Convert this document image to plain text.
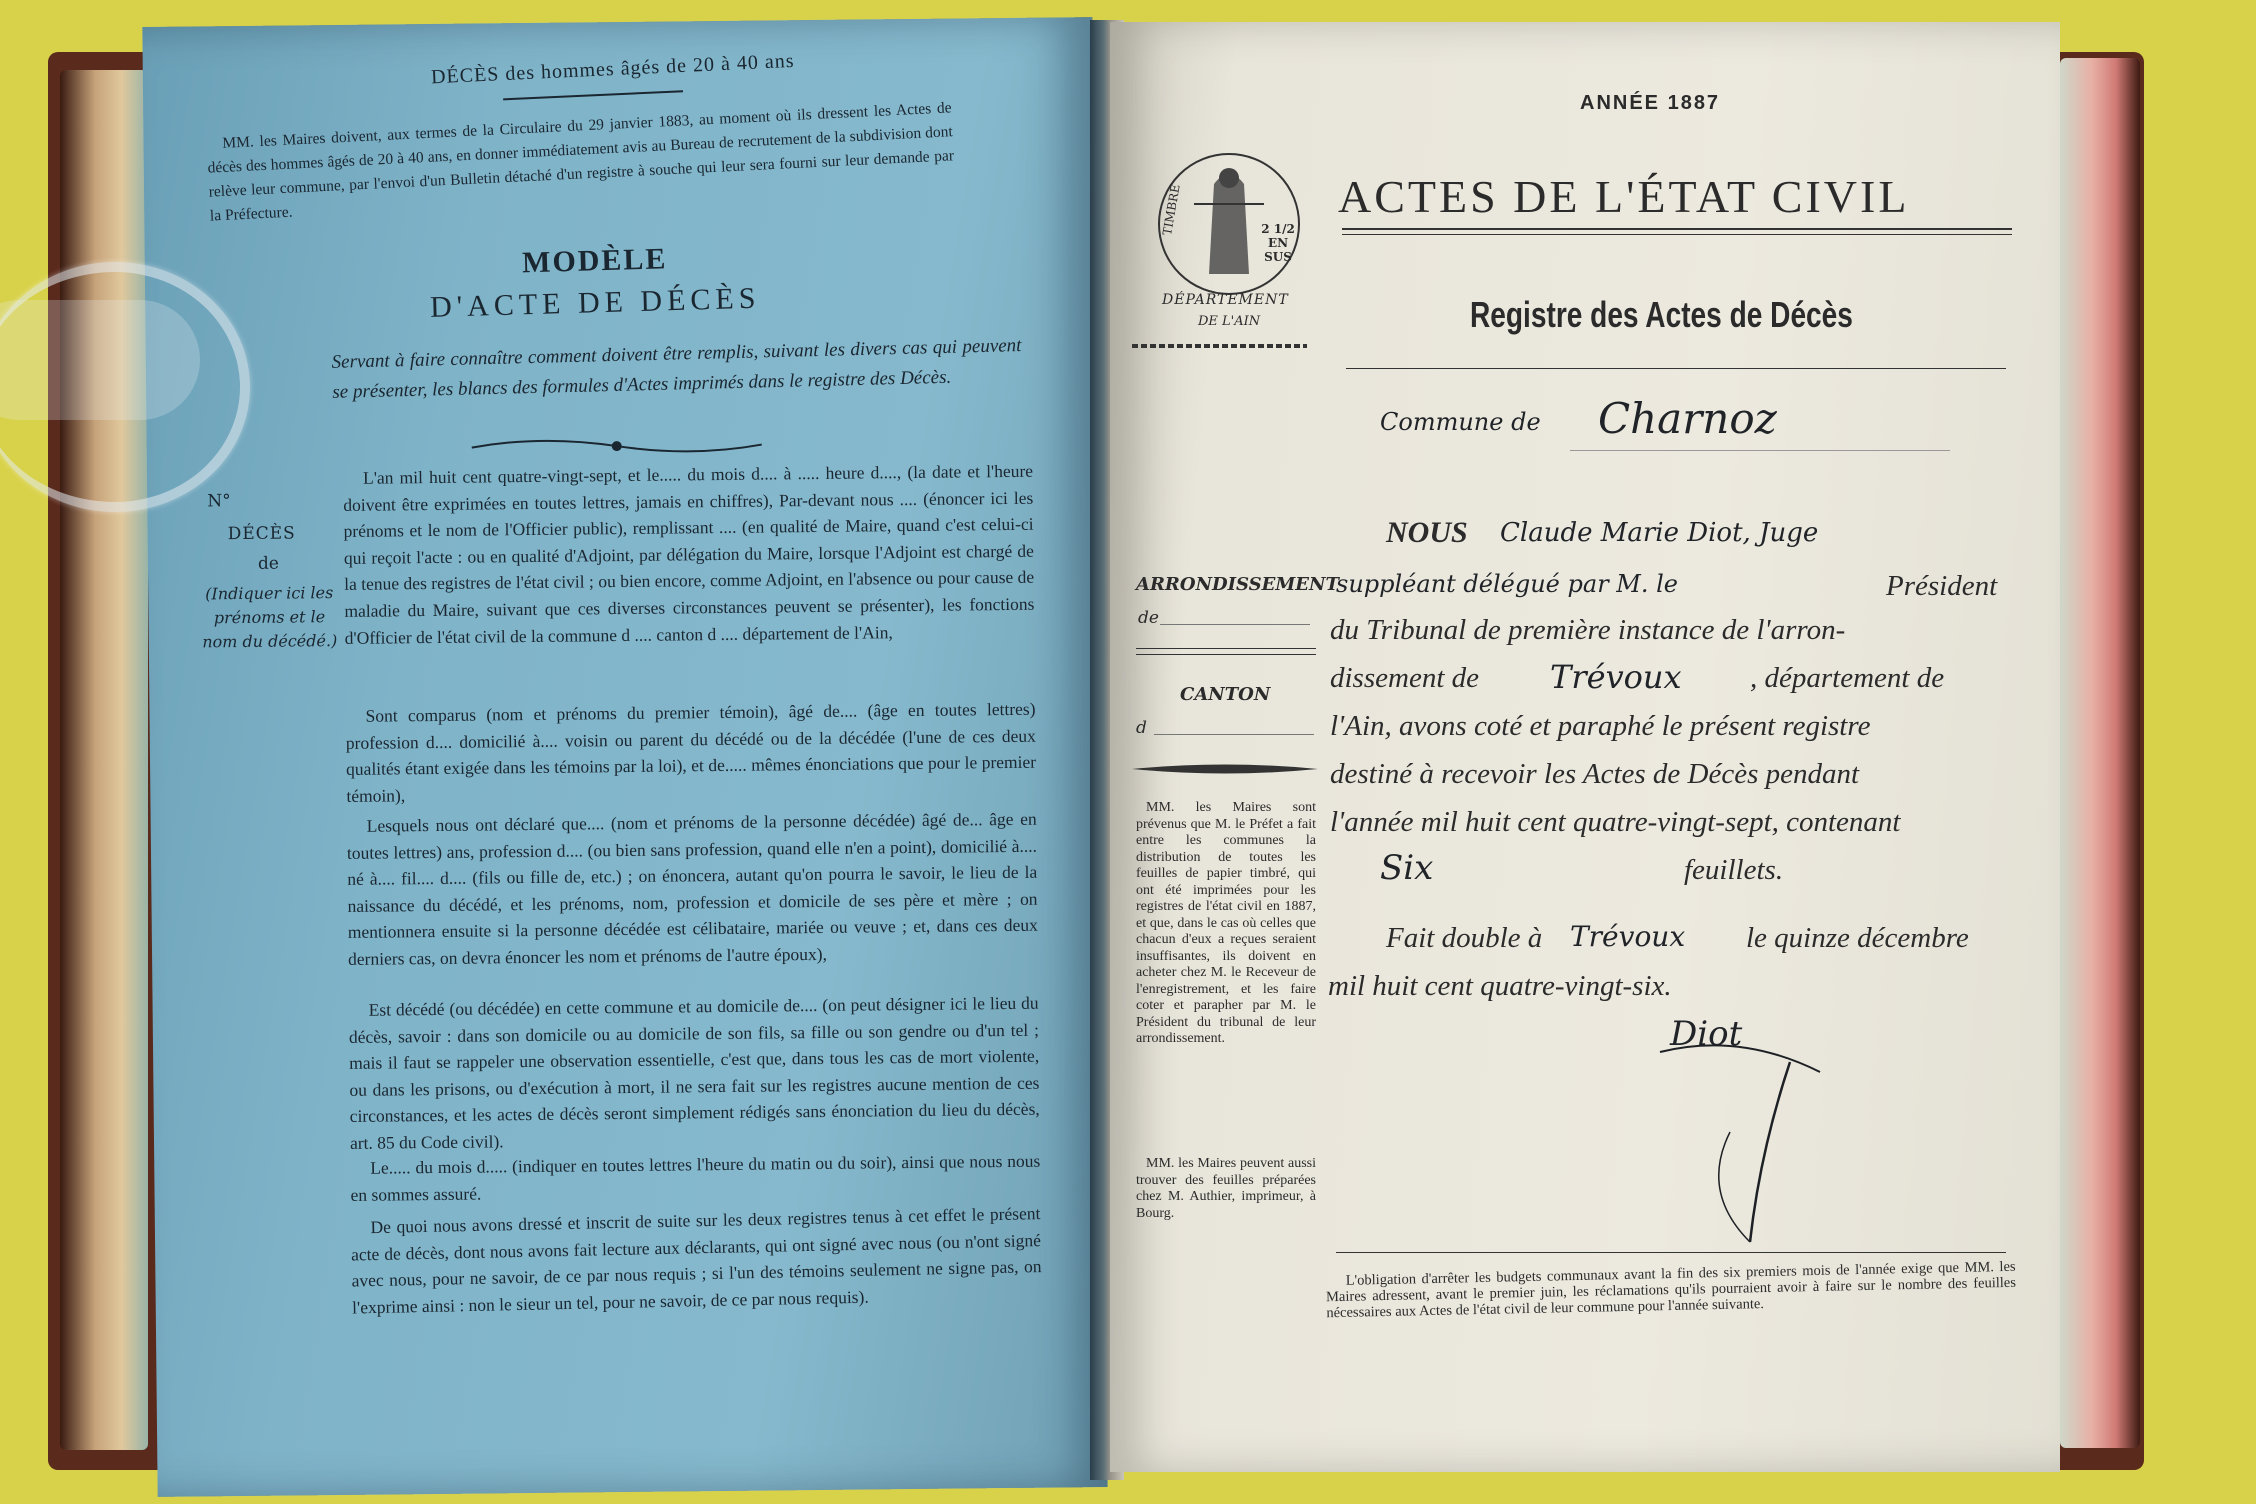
DÉCÈS des hommes âgés de 20 à 40 ans
MM. les Maires doivent, aux termes de la Circulaire du 29 janvier 1883, au moment où ils dressent les Actes de décès des hommes âgés de 20 à 40 ans, en donner immédiatement avis au Bureau de recrutement de la subdivision dont relève leur commune, par l'envoi d'un Bulletin détaché d'un registre à souche qui leur sera fourni sur leur demande par la Préfecture.
MODÈLE
D'ACTE DE DÉCÈS
Servant à faire connaître comment doivent être remplis, suivant les divers cas qui peuvent se présenter, les blancs des formules d'Actes imprimés dans le registre des Décès.
N°
DÉCÈS
de
(Indiquer ici les prénoms et le nom du décédé.)
L'an mil huit cent quatre-vingt-sept, et le..... du mois d.... à ..... heure d...., (la date et l'heure doivent être exprimées en toutes lettres, jamais en chiffres), Par-devant nous .... (énoncer ici les prénoms et le nom de l'Officier public), remplissant .... (en qualité de Maire, quand c'est celui-ci qui reçoit l'acte : ou en qualité d'Adjoint, par délégation du Maire, lorsque l'Adjoint est chargé de la tenue des registres de l'état civil ; ou bien encore, comme Adjoint, en l'absence ou pour cause de maladie du Maire, suivant que ces diverses circonstances peuvent se présenter), les fonctions d'Officier de l'état civil de la commune d .... canton d .... département de l'Ain,
Sont comparus (nom et prénoms du premier témoin), âgé de.... (âge en toutes lettres) profession d.... domicilié à.... voisin ou parent du décédé ou de la décédée (l'une de ces deux qualités étant exigée dans les témoins par la loi), et de..... mêmes énonciations que pour le premier témoin),
Lesquels nous ont déclaré que.... (nom et prénoms de la personne décédée) âgé de... âge en toutes lettres) ans, profession d.... (ou bien sans profession, quand elle n'en a point), domicilié à.... né à.... fil.... d.... (fils ou fille de, etc.) ; on énoncera, autant qu'on pourra le savoir, le lieu de la naissance du décédé, et les prénoms, nom, profession et domicile de ses père et mère ; on mentionnera ensuite si la personne décédée est célibataire, mariée ou veuve ; et, dans ces deux derniers cas, on devra énoncer les nom et prénoms de l'autre époux),
Est décédé (ou décédée) en cette commune et au domicile de.... (on peut désigner ici le lieu du décès, savoir : dans son domicile ou au domicile de son fils, sa fille ou son gendre ou d'un tel ; mais il faut se rappeler une observation essentielle, c'est que, dans tous les cas de mort violente, ou dans les prisons, ou d'exécution à mort, il ne sera fait sur les registres aucune mention de ces circonstances, et les actes de décès seront simplement rédigés sans énonciation du lieu du décès, art. 85 du Code civil).
Le..... du mois d..... (indiquer en toutes lettres l'heure du matin ou du soir), ainsi que nous nous en sommes assuré.
De quoi nous avons dressé et inscrit de suite sur les deux registres tenus à cet effet le présent acte de décès, dont nous avons fait lecture aux déclarants, qui ont signé avec nous (ou n'ont signé avec nous, pour ne savoir, de ce par nous requis ; si l'un des témoins seulement ne signe pas, on l'exprime ainsi : non le sieur un tel, pour ne savoir, de ce par nous requis).
ANNÉE 1887
TIMBRE	2 1/2 EN SUS
DÉPARTEMENT
DE L'AIN
ACTES DE L'ÉTAT CIVIL
Registre des Actes de Décès
Commune de Charnoz
ARRONDISSEMENT
de
CANTON
d
MM. les Maires sont prévenus que M. le Préfet a fait entre les communes la distribution de toutes les feuilles de papier timbré, qui ont été imprimées pour les registres de l'état civil en 1887, et que, dans le cas où celles que chacun d'eux a reçues seraient insuffisantes, ils doivent en acheter chez M. le Receveur de l'enregistrement, et les faire coter et parapher par M. le Président du tribunal de leur arrondissement.
MM. les Maires peuvent aussi trouver des feuilles préparées chez M. Authier, imprimeur, à Bourg.
NOUS Claude Marie Diot, Juge
suppléant délégué par M. le	Président
du Tribunal de première instance de l'arron-
dissement de Trévoux , département de
l'Ain, avons coté et paraphé le présent registre
destiné à recevoir les Actes de Décès pendant
l'année mil huit cent quatre-vingt-sept, contenant
Six	feuillets.
Fait double à Trévoux le quinze décembre
mil huit cent quatre-vingt-six.
Diot
L'obligation d'arrêter les budgets communaux avant la fin des six premiers mois de l'année exige que MM. les Maires adressent, avant le premier juin, les réclamations qu'ils pourraient avoir à faire sur le nombre des feuilles nécessaires aux Actes de l'état civil de leur commune pour l'année suivante.
